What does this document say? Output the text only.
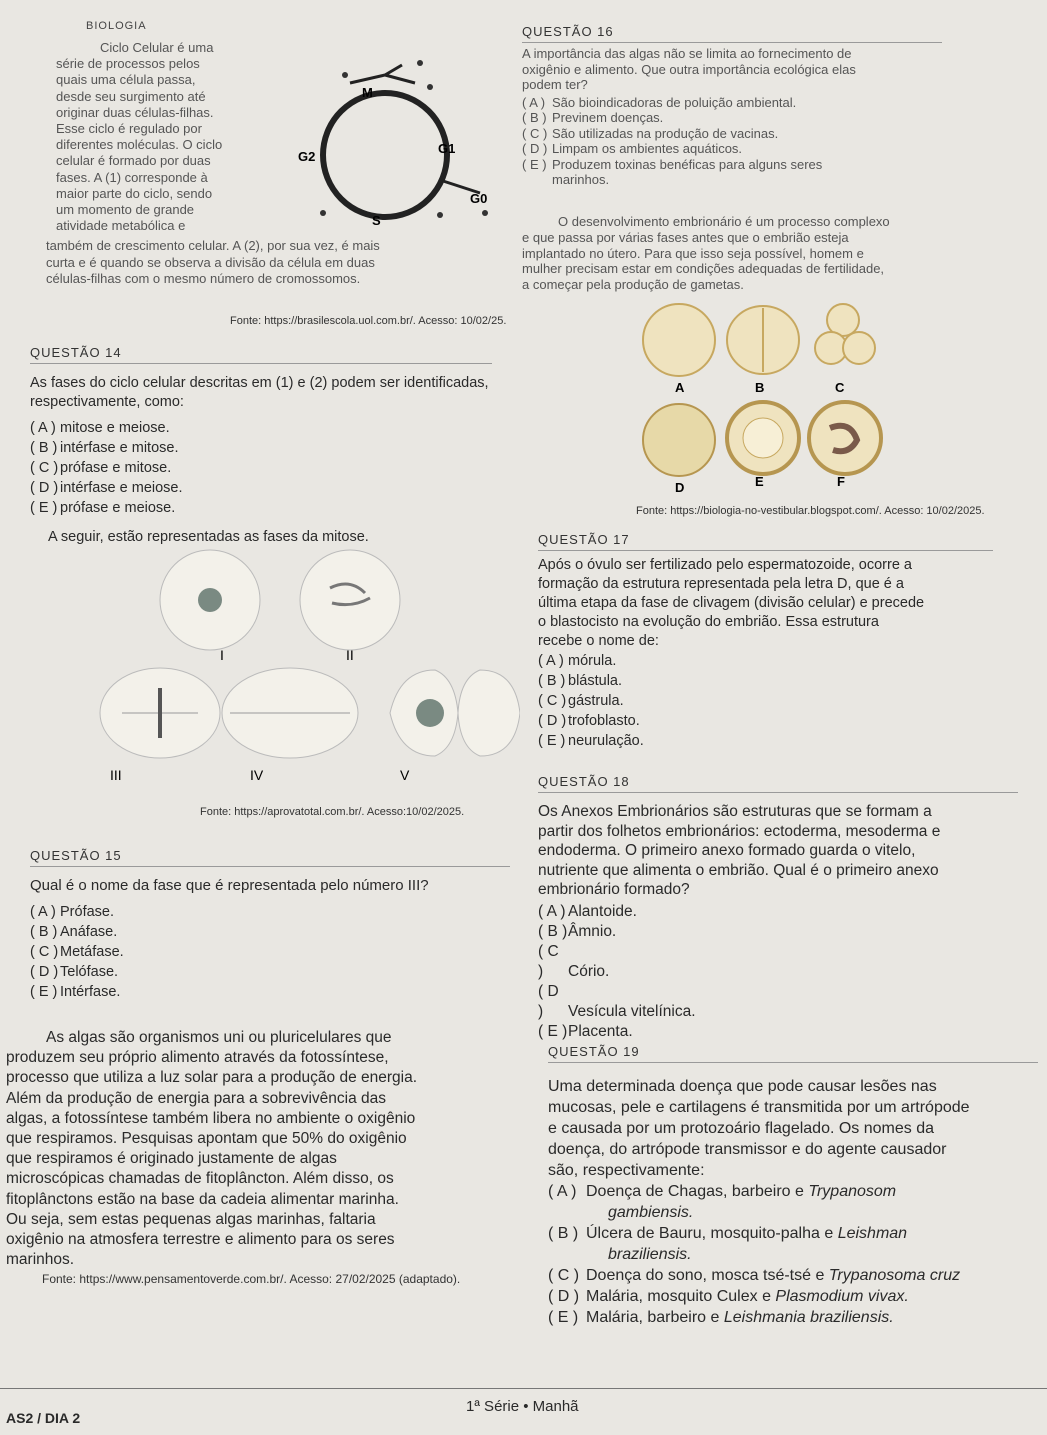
BIOLOGIA
Ciclo Celular é uma
série de processos pelos
quais uma célula passa,
desde seu surgimento até
originar duas células-filhas.
Esse ciclo é regulado por
diferentes moléculas. O ciclo
celular é formado por duas
fases. A (1) corresponde à
maior parte do ciclo, sendo
um momento de grande
atividade metabólica e
M
G2
G1
G0
S
também de crescimento celular. A (2), por sua vez, é mais
curta e é quando se observa a divisão da célula em duas
células-filhas com o mesmo número de cromossomos.
Fonte: https://brasilescola.uol.com.br/. Acesso: 10/02/25.
QUESTÃO 14

As fases do ciclo celular descritas em (1) e (2) podem ser identificadas, respectivamente, como:

( A ) mitose e meiose.
( B ) intérfase e mitose.
( C ) prófase e mitose.
( D ) intérfase e meiose.
( E ) prófase e meiose.
A seguir, estão representadas as fases da mitose.
I	II
III	IV	V
Fonte: https://aprovatotal.com.br/. Acesso:10/02/2025.
QUESTÃO 15

Qual é o nome da fase que é representada pelo número III?

( A ) Prófase.
( B ) Anáfase.
( C ) Metáfase.
( D ) Telófase.
( E ) Intérfase.
As algas são organismos uni ou pluricelulares que
produzem seu próprio alimento através da fotossíntese,
processo que utiliza a luz solar para a produção de energia.
Além da produção de energia para a sobrevivência das
algas, a fotossíntese também libera no ambiente o oxigênio
que respiramos. Pesquisas apontam que 50% do oxigênio
que respiramos é originado justamente de algas
microscópicas chamadas de fitoplâncton. Além disso, os
fitoplânctons estão na base da cadeia alimentar marinha.
Ou seja, sem estas pequenas algas marinhas, faltaria
oxigênio na atmosfera terrestre e alimento para os seres
marinhos.
Fonte: https://www.pensamentoverde.com.br/. Acesso: 27/02/2025 (adaptado).
QUESTÃO 16
A importância das algas não se limita ao fornecimento de
oxigênio e alimento. Que outra importância ecológica elas
podem ter?
( A ) São bioindicadoras de poluição ambiental.
( B ) Previnem doenças.
( C ) São utilizadas na produção de vacinas.
( D ) Limpam os ambientes aquáticos.
( E ) Produzem toxinas benéficas para alguns seres
marinhos.
O desenvolvimento embrionário é um processo complexo
e que passa por várias fases antes que o embrião esteja
implantado no útero. Para que isso seja possível, homem e
mulher precisam estar em condições adequadas de fertilidade,
a começar pela produção de gametas.
A	B	C
D	E	F
Fonte: https://biologia-no-vestibular.blogspot.com/. Acesso: 10/02/2025.
QUESTÃO 17
Após o óvulo ser fertilizado pelo espermatozoide, ocorre a
formação da estrutura representada pela letra D, que é a
última etapa da fase de clivagem (divisão celular) e precede
o blastocisto na evolução do embrião. Essa estrutura
recebe o nome de:
( A ) mórula.
( B ) blástula.
( C ) gástrula.
( D ) trofoblasto.
( E ) neurulação.
QUESTÃO 18
Os Anexos Embrionários são estruturas que se formam a
partir dos folhetos embrionários: ectoderma, mesoderma e
endoderma. O primeiro anexo formado guarda o vitelo,
nutriente que alimenta o embrião. Qual é o primeiro anexo
embrionário formado?
( A ) Alantoide.
( B )Âmnio.
( C ) Cório.
( D ) Vesícula vitelínica.
( E )Placenta.
QUESTÃO 19
Uma determinada doença que pode causar lesões nas
mucosas, pele e cartilagens é transmitida por um artrópode
e causada por um protozoário flagelado. Os nomes da
doença, do artrópode transmissor e do agente causador
são, respectivamente:
( A ) Doença de Chagas, barbeiro e Trypanosom
gambiensis.
( B ) Úlcera de Bauru, mosquito-palha e Leishman
braziliensis.
( C ) Doença do sono, mosca tsé-tsé e Trypanosoma cruz
( D ) Malária, mosquito Culex e Plasmodium vivax.
( E ) Malária, barbeiro e Leishmania braziliensis.
AS2 / DIA 2
1ª Série • Manhã
